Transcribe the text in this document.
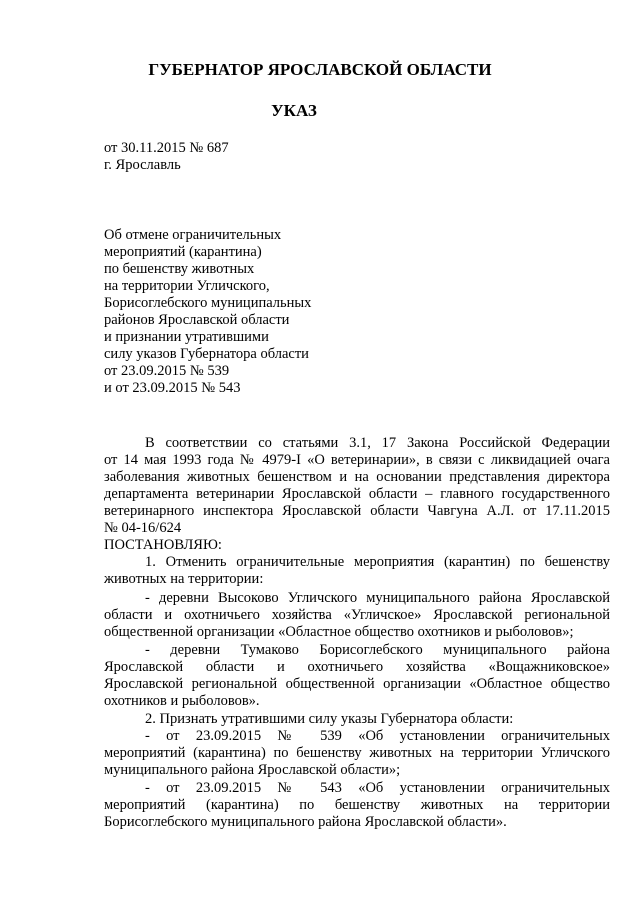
ГУБЕРНАТОР ЯРОСЛАВСКОЙ ОБЛАСТИ
УКАЗ
от 30.11.2015 № 687
г. Ярославль
Об отмене ограничительных
мероприятий (карантина)
по бешенству животных
на территории Угличского,
Борисоглебского муниципальных
районов Ярославской области
и признании утратившими
силу указов Губернатора области
от 23.09.2015 № 539
и от 23.09.2015 № 543
В соответствии со статьями 3.1, 17 Закона Российской Федерации
от 14 мая 1993 года № 4979-I «О ветеринарии», в связи с ликвидацией очага
заболевания животных бешенством и на основании представления директора
департамента ветеринарии Ярославской области – главного государственного
ветеринарного инспектора Ярославской области Чавгуна А.Л. от 17.11.2015
№ 04-16/624
ПОСТАНОВЛЯЮ:
1. Отменить ограничительные мероприятия (карантин) по бешенству
животных на территории:
- деревни Высоково Угличского муниципального района Ярославской
области и охотничьего хозяйства «Угличское» Ярославской региональной
общественной организации «Областное общество охотников и рыболовов»;
- деревни Тумаково Борисоглебского муниципального района
Ярославской области и охотничьего хозяйства «Вощажниковское»
Ярославской региональной общественной организации «Областное общество
охотников и рыболовов».
2. Признать утратившими силу указы Губернатора области:
- от 23.09.2015 № 539 «Об установлении ограничительных
мероприятий (карантина) по бешенству животных на территории Угличского
муниципального района Ярославской области»;
- от 23.09.2015 № 543 «Об установлении ограничительных
мероприятий (карантина) по бешенству животных на территории
Борисоглебского муниципального района Ярославской области».
